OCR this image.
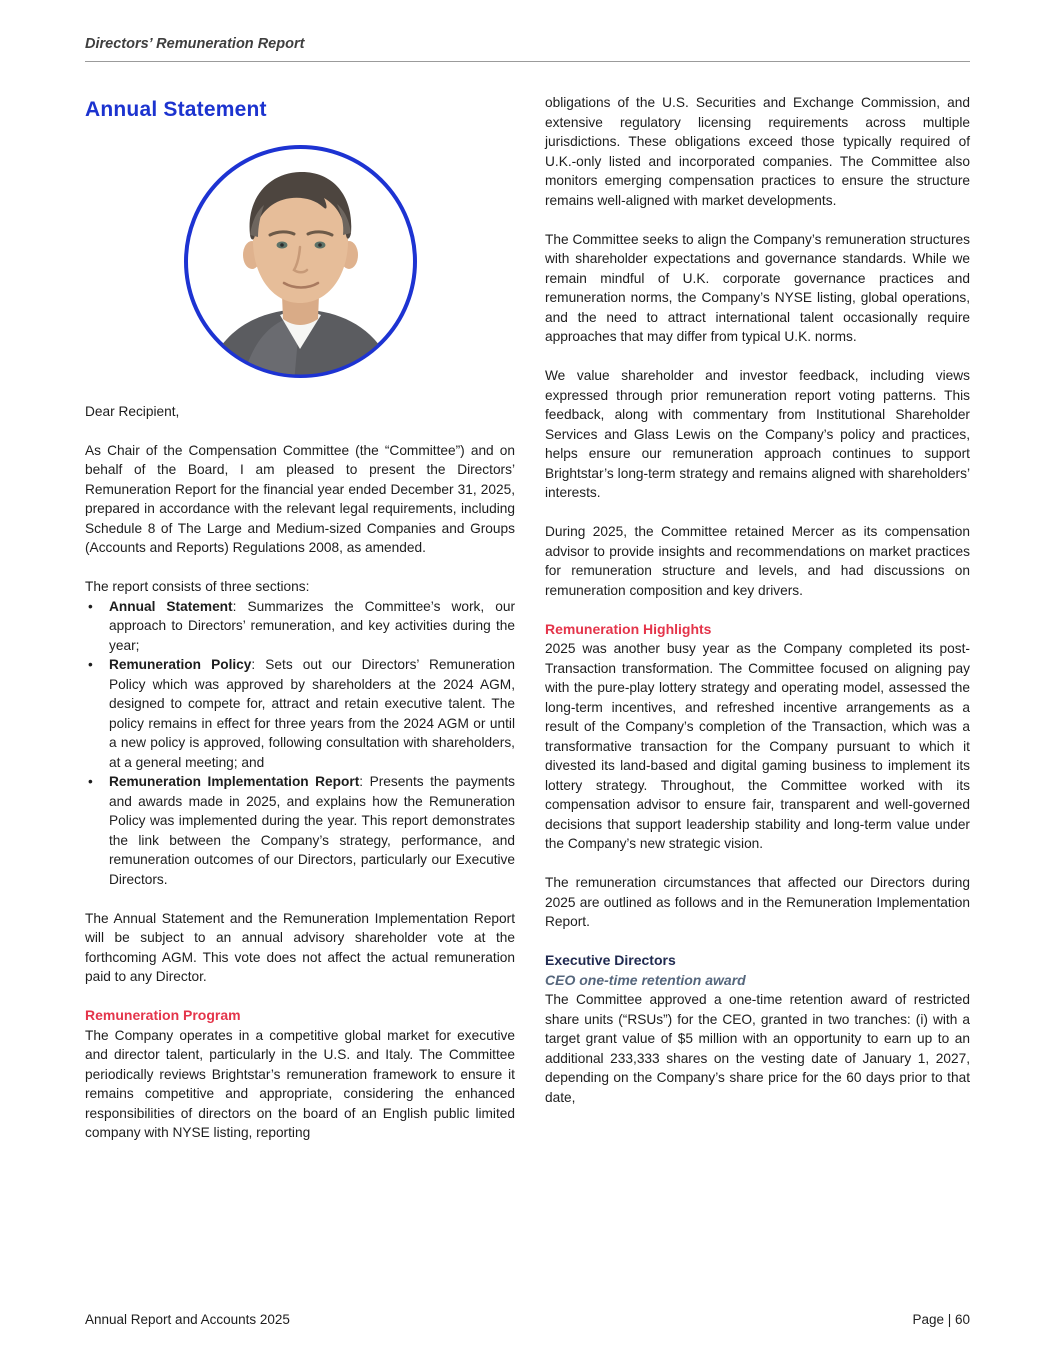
Directors’ Remuneration Report
Annual Statement

Dear Recipient,

As Chair of the Compensation Committee (the “Committee”) and on behalf of the Board, I am pleased to present the Directors’ Remuneration Report for the financial year ended December 31, 2025, prepared in accordance with the relevant legal requirements, including Schedule 8 of The Large and Medium-sized Companies and Groups (Accounts and Reports) Regulations 2008, as amended.

The report consists of three sections:

• Annual Statement: Summarizes the Committee’s work, our approach to Directors’ remuneration, and key activities during the year;
• Remuneration Policy: Sets out our Directors’ Remuneration Policy which was approved by shareholders at the 2024 AGM, designed to compete for, attract and retain executive talent. The policy remains in effect for three years from the 2024 AGM or until a new policy is approved, following consultation with shareholders, at a general meeting; and
• Remuneration Implementation Report: Presents the payments and awards made in 2025, and explains how the Remuneration Policy was implemented during the year. This report demonstrates the link between the Company’s strategy, performance, and remuneration outcomes of our Directors, particularly our Executive Directors.

The Annual Statement and the Remuneration Implementation Report will be subject to an annual advisory shareholder vote at the forthcoming AGM. This vote does not affect the actual remuneration paid to any Director.

Remuneration Program

The Company operates in a competitive global market for executive and director talent, particularly in the U.S. and Italy. The Committee periodically reviews Brightstar’s remuneration framework to ensure it remains competitive and appropriate, considering the enhanced responsibilities of directors on the board of an English public limited company with NYSE listing, reporting

obligations of the U.S. Securities and Exchange Commission, and extensive regulatory licensing requirements across multiple jurisdictions. These obligations exceed those typically required of U.K.-only listed and incorporated companies. The Committee also monitors emerging compensation practices to ensure the structure remains well-aligned with market developments.

The Committee seeks to align the Company’s remuneration structures with shareholder expectations and governance standards. While we remain mindful of U.K. corporate governance practices and remuneration norms, the Company’s NYSE listing, global operations, and the need to attract international talent occasionally require approaches that may differ from typical U.K. norms.

We value shareholder and investor feedback, including views expressed through prior remuneration report voting patterns. This feedback, along with commentary from Institutional Shareholder Services and Glass Lewis on the Company’s policy and practices, helps ensure our remuneration approach continues to support Brightstar’s long-term strategy and remains aligned with shareholders’ interests.

During 2025, the Committee retained Mercer as its compensation advisor to provide insights and recommendations on market practices for remuneration structure and levels, and had discussions on remuneration composition and key drivers.

Remuneration Highlights

2025 was another busy year as the Company completed its post-Transaction transformation. The Committee focused on aligning pay with the pure-play lottery strategy and operating model, assessed the long-term incentives, and refreshed incentive arrangements as a result of the Company’s completion of the Transaction, which was a transformative transaction for the Company pursuant to which it divested its land-based and digital gaming business to implement its lottery strategy. Throughout, the Committee worked with its compensation advisor to ensure fair, transparent and well-governed decisions that support leadership stability and long-term value under the Company’s new strategic vision.

The remuneration circumstances that affected our Directors during 2025 are outlined as follows and in the Remuneration Implementation Report.

Executive Directors
CEO one-time retention award

The Committee approved a one-time retention award of restricted share units (“RSUs”) for the CEO, granted in two tranches: (i) with a target grant value of $5 million with an opportunity to earn up to an additional 233,333 shares on the vesting date of January 1, 2027, depending on the Company’s share price for the 60 days prior to that date,

Annual Report and Accounts 2025	Page | 60
